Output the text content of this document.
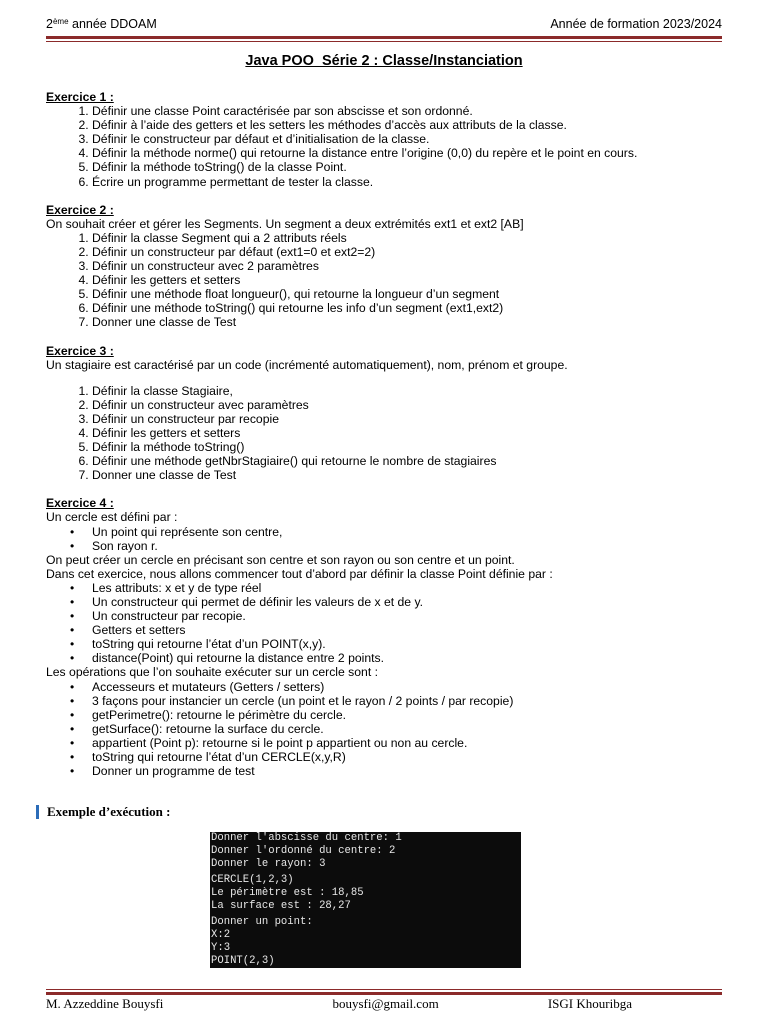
2ème année DDOAM	Année de formation 2023/2024
Java POO_Série 2 : Classe/Instanciation

Exercice 1 :

1. Définir une classe Point caractérisée par son abscisse et son ordonné.
2. Définir à l’aide des getters et les setters les méthodes d’accès aux attributs de la classe.
3. Définir le constructeur par défaut et d’initialisation de la classe.
4. Définir la méthode norme() qui retourne la distance entre l’origine (0,0) du repère et le point en cours.
5. Définir la méthode toString() de la classe Point.
6. Écrire un programme permettant de tester la classe.

Exercice 2 :

On souhait créer et gérer les Segments. Un segment a deux extrémités ext1 et ext2 [AB]

1. Définir la classe Segment qui a 2 attributs réels
2. Définir un constructeur par défaut (ext1=0 et ext2=2)
3. Définir un constructeur avec 2 paramètres
4. Définir les getters et setters
5. Définir une méthode float longueur(), qui retourne la longueur d’un segment
6. Définir une méthode toString() qui retourne les info d’un segment (ext1,ext2)
7. Donner une classe de Test

Exercice 3 :

Un stagiaire est caractérisé par un code (incrémenté automatiquement), nom, prénom et groupe.

1. Définir la classe Stagiaire,
2. Définir un constructeur avec paramètres
3. Définir un constructeur par recopie
4. Définir les getters et setters
5. Définir la méthode toString()
6. Définir une méthode getNbrStagiaire() qui retourne le nombre de stagiaires
7. Donner une classe de Test

Exercice 4 :

Un cercle est défini par :

• Un point qui représente son centre,
• Son rayon r.

On peut créer un cercle en précisant son centre et son rayon ou son centre et un point.

Dans cet exercice, nous allons commencer tout d’abord par définir la classe Point définie par :

• Les attributs: x et y de type réel
• Un constructeur qui permet de définir les valeurs de x et de y.
• Un constructeur par recopie.
• Getters et setters
• toString qui retourne l’état d’un POINT(x,y).
• distance(Point) qui retourne la distance entre 2 points.

Les opérations que l’on souhaite exécuter sur un cercle sont :

• Accesseurs et mutateurs (Getters / setters)
• 3 façons pour instancier un cercle (un point et le rayon / 2 points / par recopie)
• getPerimetre(): retourne le périmètre du cercle.
• getSurface(): retourne la surface du cercle.
• appartient (Point p): retourne si le point p appartient ou non au cercle.
• toString qui retourne l’état d’un CERCLE(x,y,R)
• Donner un programme de test
Exemple d’exécution :
Donner l'abscisse du centre: 1
Donner l'ordonné du centre: 2
Donner le rayon: 3
CERCLE(1,2,3)
Le périmètre est : 18,85
La surface est : 28,27
Donner un point:
X:2
Y:3
POINT(2,3)
M. Azzeddine Bouysfi	bouysfi@gmail.com	ISGI Khouribga
